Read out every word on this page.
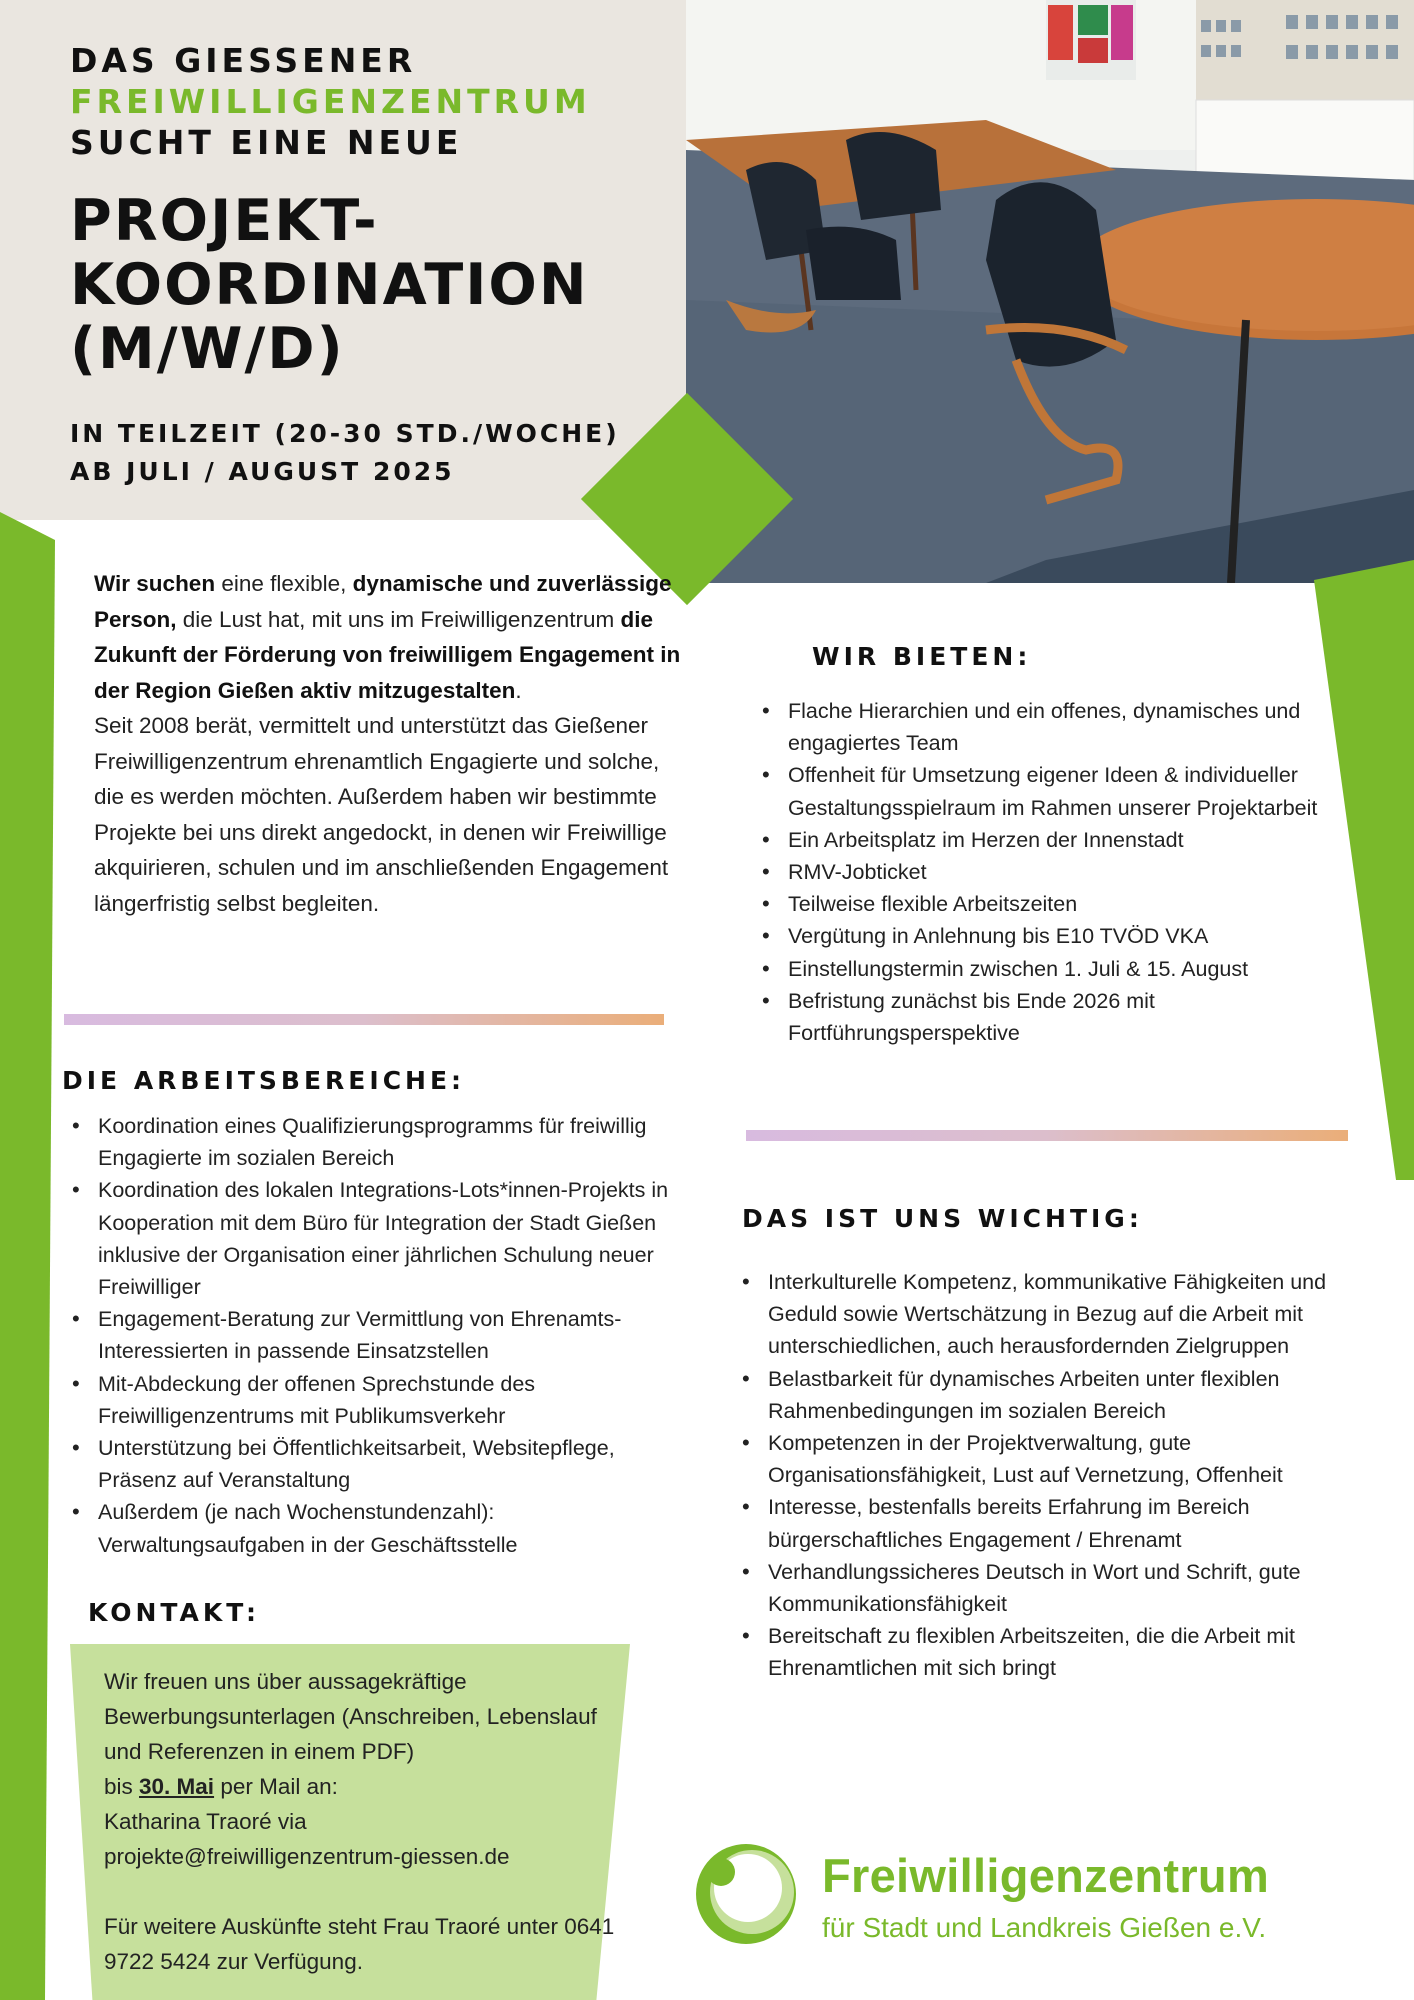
DAS GIESSENER
FREIWILLIGENZENTRUM
SUCHT EINE NEUE
PROJEKT-
KOORDINATION
(M/W/D)
IN TEILZEIT (20-30 STD./WOCHE)
AB JULI / AUGUST 2025
Wir suchen eine flexible, dynamische und zuverlässige Person, die Lust hat, mit uns im Freiwilligenzentrum die Zukunft der Förderung von freiwilligem Engagement in der Region Gießen aktiv mitzugestalten.
Seit 2008 berät, vermittelt und unterstützt das Gießener Freiwilligenzentrum ehrenamtlich Engagierte und solche, die es werden möchten. Außerdem haben wir bestimmte Projekte bei uns direkt angedockt, in denen wir Freiwillige akquirieren, schulen und im anschließenden Engagement längerfristig selbst begleiten.
DIE ARBEITSBEREICHE:
• Koordination eines Qualifizierungsprogramms für freiwillig Engagierte im sozialen Bereich
• Koordination des lokalen Integrations-Lots*innen-Projekts in Kooperation mit dem Büro für Integration der Stadt Gießen inklusive der Organisation einer jährlichen Schulung neuer Freiwilliger
• Engagement-Beratung zur Vermittlung von Ehrenamts-Interessierten in passende Einsatzstellen
• Mit-Abdeckung der offenen Sprechstunde des Freiwilligenzentrums mit Publikumsverkehr
• Unterstützung bei Öffentlichkeitsarbeit, Websitepflege, Präsenz auf Veranstaltung
• Außerdem (je nach Wochenstundenzahl): Verwaltungsaufgaben in der Geschäftsstelle
KONTAKT:
Wir freuen uns über aussagekräftige Bewerbungsunterlagen (Anschreiben, Lebenslauf und Referenzen in einem PDF)
bis 30. Mai per Mail an:
Katharina Traoré via
projekte@freiwilligenzentrum-giessen.de
Für weitere Auskünfte steht Frau Traoré unter 0641 9722 5424 zur Verfügung.
WIR BIETEN:
• Flache Hierarchien und ein offenes, dynamisches und engagiertes Team
• Offenheit für Umsetzung eigener Ideen & individueller Gestaltungsspielraum im Rahmen unserer Projektarbeit
• Ein Arbeitsplatz im Herzen der Innenstadt
• RMV-Jobticket
• Teilweise flexible Arbeitszeiten
• Vergütung in Anlehnung bis E10 TVÖD VKA
• Einstellungstermin zwischen 1. Juli & 15. August
• Befristung zunächst bis Ende 2026 mit Fortführungsperspektive
DAS IST UNS WICHTIG:
• Interkulturelle Kompetenz, kommunikative Fähigkeiten und Geduld sowie Wertschätzung in Bezug auf die Arbeit mit unterschiedlichen, auch herausfordernden Zielgruppen
• Belastbarkeit für dynamisches Arbeiten unter flexiblen Rahmenbedingungen im sozialen Bereich
• Kompetenzen in der Projektverwaltung, gute Organisationsfähigkeit, Lust auf Vernetzung, Offenheit
• Interesse, bestenfalls bereits Erfahrung im Bereich bürgerschaftliches Engagement / Ehrenamt
• Verhandlungssicheres Deutsch in Wort und Schrift, gute Kommunikationsfähigkeit
• Bereitschaft zu flexiblen Arbeitszeiten, die die Arbeit mit Ehrenamtlichen mit sich bringt
Freiwilligenzentrum
für Stadt und Landkreis Gießen e.V.
